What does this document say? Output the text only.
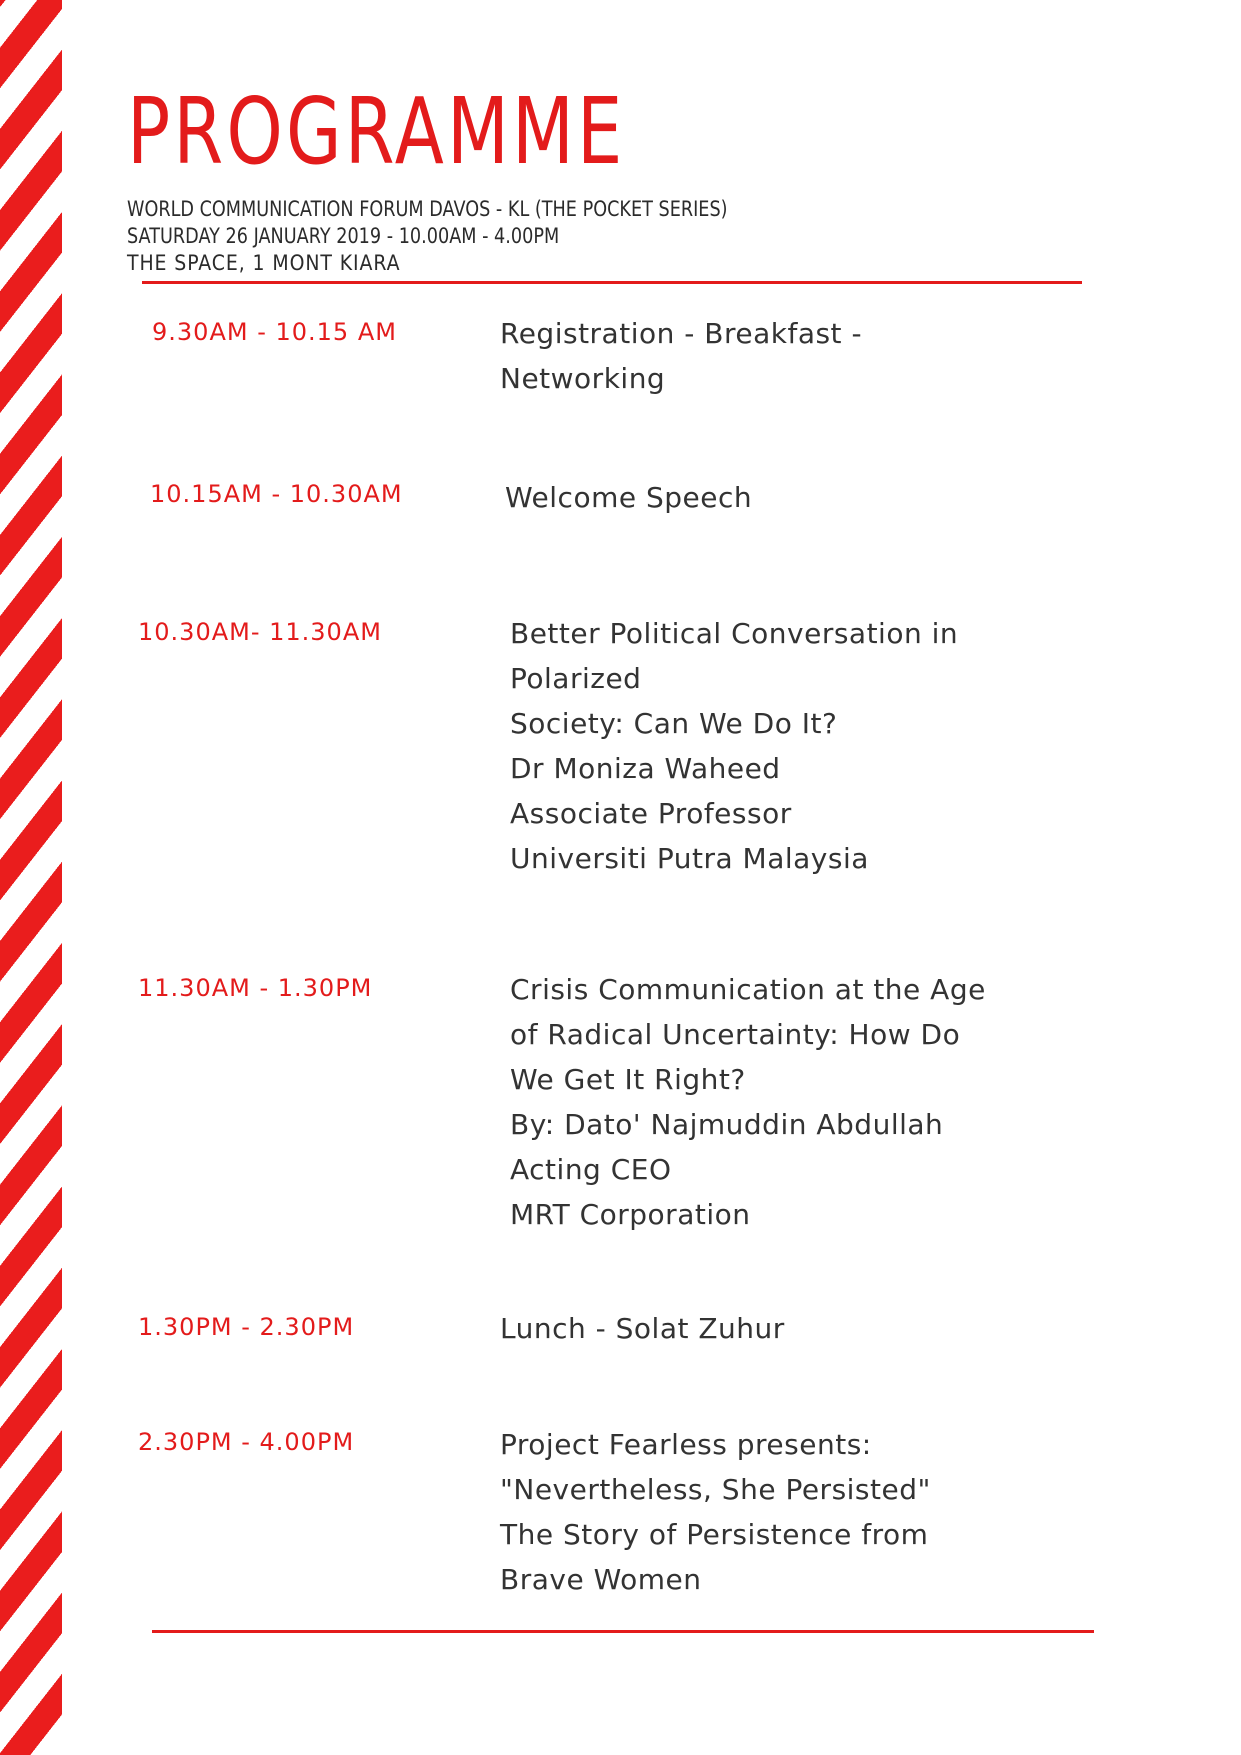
PROGRAMME
WORLD COMMUNICATION FORUM DAVOS - KL (THE POCKET SERIES)
SATURDAY 26 JANUARY 2019 - 10.00AM - 4.00PM
THE SPACE, 1 MONT KIARA
9.30AM - 10.15 AM	Registration - Breakfast -
Networking
10.15AM - 10.30AM	Welcome Speech
10.30AM- 11.30AM	Better Political Conversation in
Polarized
Society: Can We Do It?
Dr Moniza Waheed
Associate Professor
Universiti Putra Malaysia
11.30AM - 1.30PM	Crisis Communication at the Age
of Radical Uncertainty: How Do
We Get It Right?
By: Dato' Najmuddin Abdullah
Acting CEO
MRT Corporation
1.30PM - 2.30PM	Lunch - Solat Zuhur
2.30PM - 4.00PM	Project Fearless presents:
"Nevertheless, She Persisted"
The Story of Persistence from
Brave Women
